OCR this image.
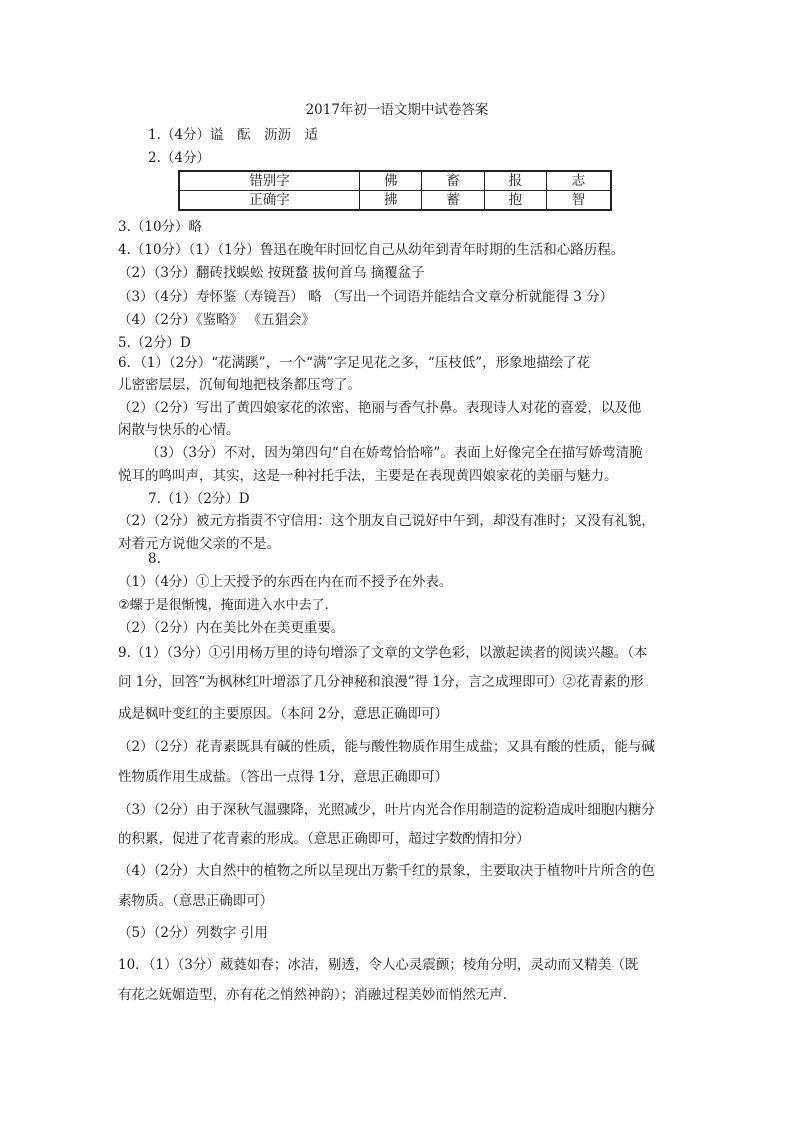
2017年初一语文期中试卷答案
1.（4分）谥　酝　沥沥　适
2.（4分）
错别字	佛	畜	报	志
正确字	拂	蓄	抱	智
3.（10分）略
4.（10分）（1）（1分）鲁迅在晚年时回忆自己从幼年到青年时期的生活和心路历程。
（2）（3分）翻砖找蜈蚣 按斑蝥 拔何首乌 摘覆盆子
（3）（4分）寿怀鉴（寿镜吾） 略 （写出一个词语并能结合文章分析就能得 3 分）
（4）（2分）《鉴略》 《五猖会》
5.（2分）D
6．（1）（2分）“花满蹊”，一个“满”字足见花之多，“压枝低”，形象地描绘了花
儿密密层层，沉甸甸地把枝条都压弯了。
（2）（2分）写出了黄四娘家花的浓密、艳丽与香气扑鼻。表现诗人对花的喜爱，以及他
闲散与快乐的心情。
（3）（3分）不对，因为第四句“自在娇莺恰恰啼”。表面上好像完全在描写娇莺清脆
悦耳的鸣叫声，其实，这是一种衬托手法，主要是在表现黄四娘家花的美丽与魅力。
7.（1）（2分）D
（2）（2分）被元方指责不守信用：这个朋友自己说好中午到，却没有准时；又没有礼貌，
对着元方说他父亲的不是。
8.
（1）（4分）①上天授予的东西在内在而不授予在外表。
②螺于是很惭愧，掩面进入水中去了.
（2）（2分）内在美比外在美更重要。
9.（1）（3分）①引用杨万里的诗句增添了文章的文学色彩，以激起读者的阅读兴趣。（本
问 1分，回答“为枫林红叶增添了几分神秘和浪漫”得 1分，言之成理即可）②花青素的形
成是枫叶变红的主要原因。（本问 2分，意思正确即可）
（2）（2分）花青素既具有碱的性质，能与酸性物质作用生成盐；又具有酸的性质，能与碱
性物质作用生成盐。（答出一点得 1分，意思正确即可）
（3）（2分）由于深秋气温骤降，光照减少，叶片内光合作用制造的淀粉造成叶细胞内糖分
的积累，促进了花青素的形成。（意思正确即可，超过字数酌情扣分）
（4）（2分）大自然中的植物之所以呈现出万紫千红的景象，主要取决于植物叶片所含的色
素物质。（意思正确即可）
（5）（2分）列数字 引用
10．（1）（3分）葳蕤如春；冰洁，剔透，令人心灵震颤；棱角分明，灵动而又精美（既
有花之妩媚造型，亦有花之悄然神韵）；消融过程美妙而悄然无声.
